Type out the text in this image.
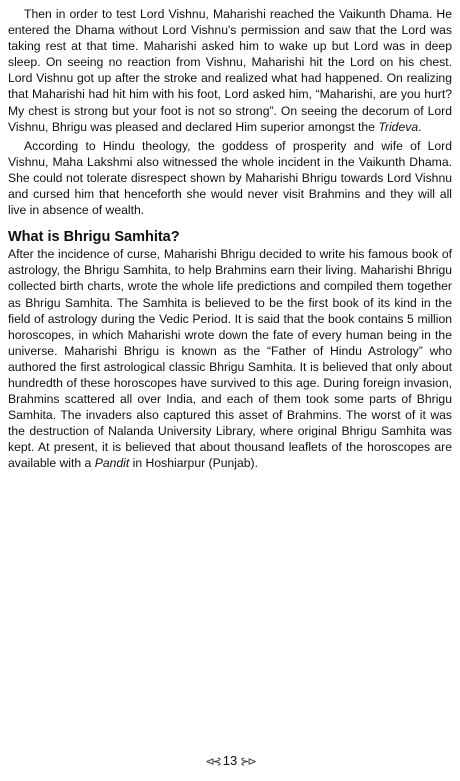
Then in order to test Lord Vishnu, Maharishi reached the Vaikunth Dhama. He entered the Dhama without Lord Vishnu's permission and saw that the Lord was taking rest at that time. Maharishi asked him to wake up but Lord was in deep sleep. On seeing no reaction from Vishnu, Maharishi hit the Lord on his chest. Lord Vishnu got up after the stroke and realized what had happened. On realizing that Maharishi had hit him with his foot, Lord asked him, “Maharishi, are you hurt? My chest is strong but your foot is not so strong”. On seeing the decorum of Lord Vishnu, Bhrigu was pleased and declared Him superior amongst the Trideva.

According to Hindu theology, the goddess of prosperity and wife of Lord Vishnu, Maha Lakshmi also witnessed the whole incident in the Vaikunth Dhama. She could not tolerate disrespect shown by Maharishi Bhrigu towards Lord Vishnu and cursed him that henceforth she would never visit Brahmins and they will all live in absence of wealth.

What is Bhrigu Samhita?

After the incidence of curse, Maharishi Bhrigu decided to write his famous book of astrology, the Bhrigu Samhita, to help Brahmins earn their living. Maharishi Bhrigu collected birth charts, wrote the whole life predictions and compiled them together as Bhrigu Samhita. The Samhita is believed to be the first book of its kind in the field of astrology during the Vedic Period. It is said that the book contains 5 million horoscopes, in which Maharishi wrote down the fate of every human being in the universe. Maharishi Bhrigu is known as the “Father of Hindu Astrology” who authored the first astrological classic Bhrigu Samhita. It is believed that only about hundredth of these horoscopes have survived to this age. During foreign invasion, Brahmins scattered all over India, and each of them took some parts of Bhrigu Samhita. The invaders also captured this asset of Brahmins. The worst of it was the destruction of Nalanda University Library, where original Bhrigu Samhita was kept. At present, it is believed that about thousand leaflets of the horoscopes are available with a Pandit in Hoshiarpur (Punjab).

⊲⊰ 13 ⊱⊳
